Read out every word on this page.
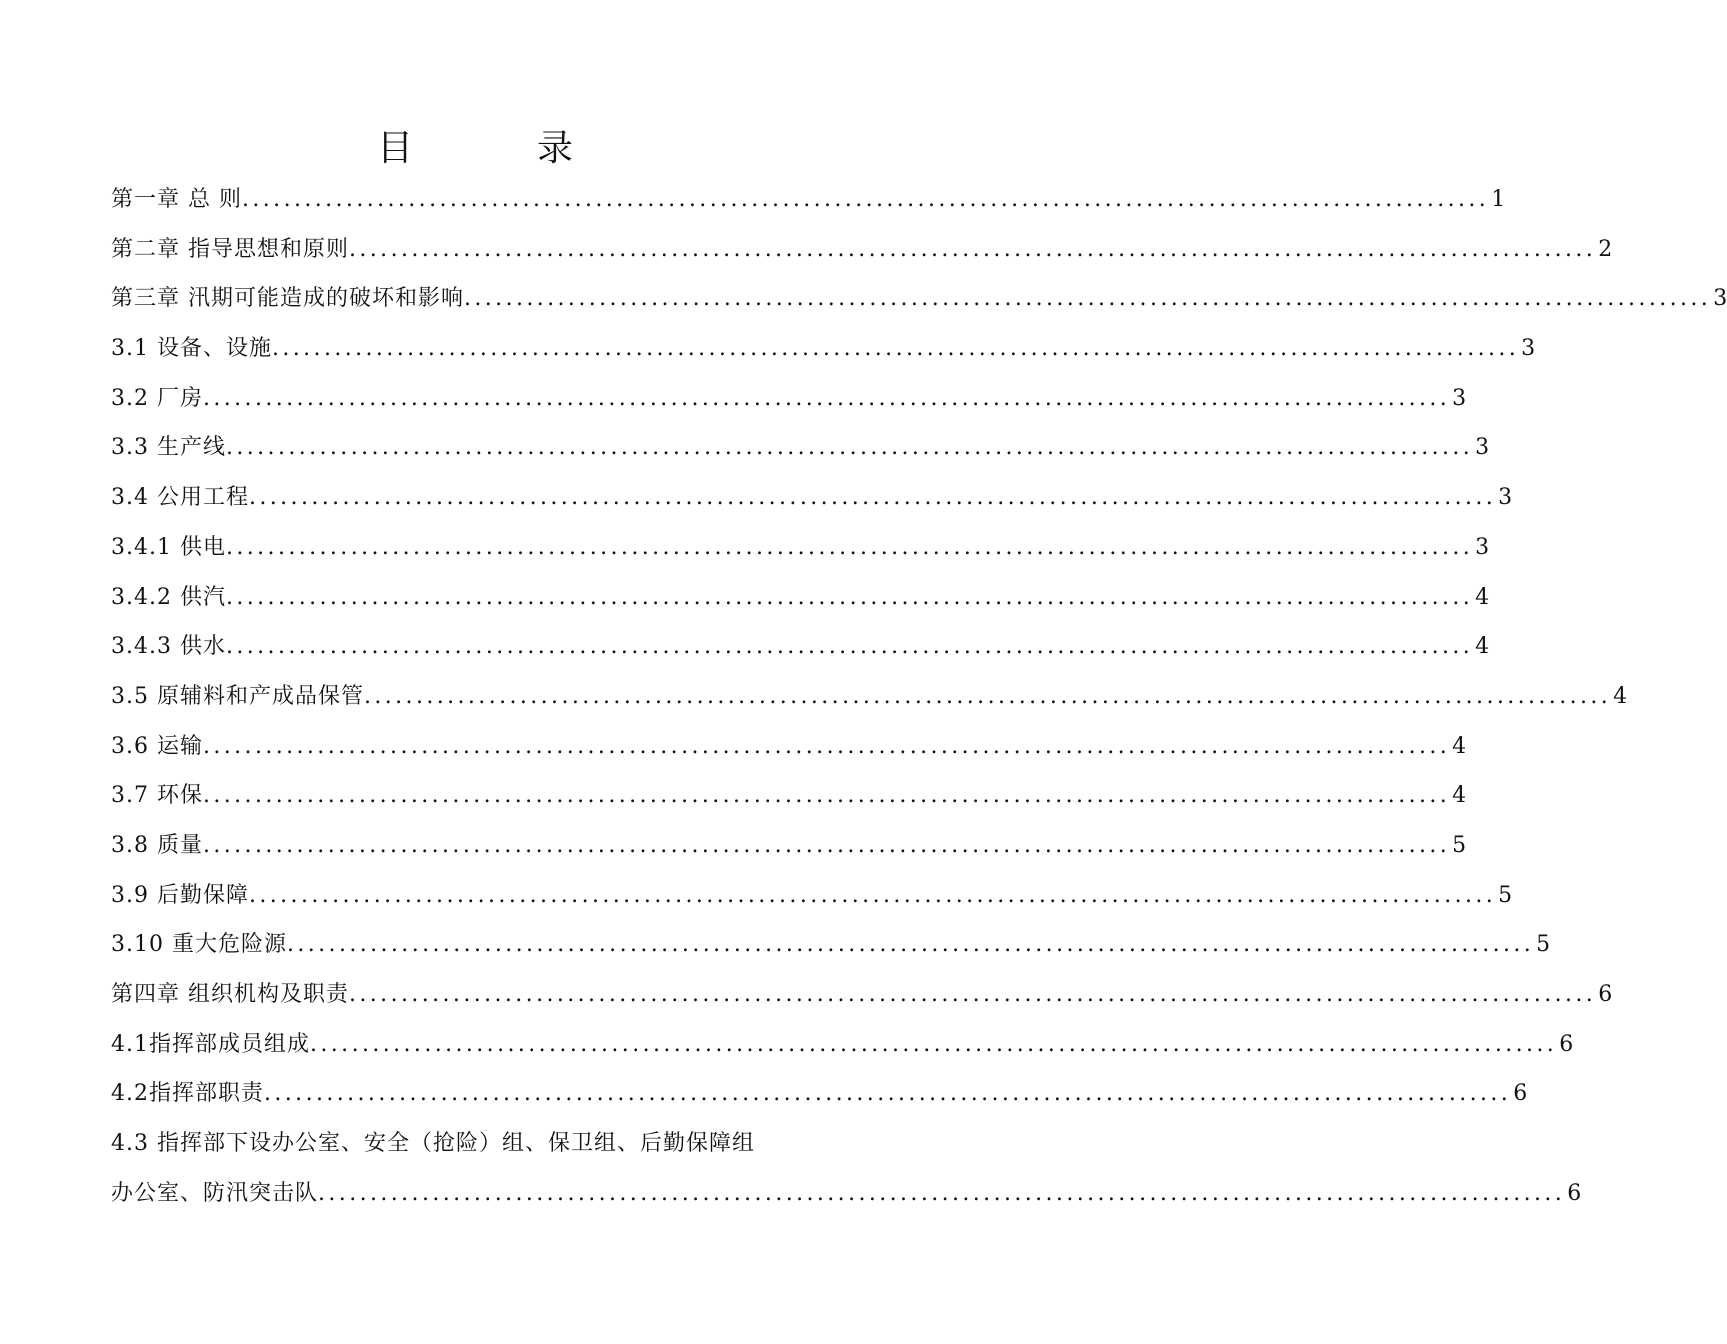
目　录
第一章 总 则 ........................................................................................................................ 1
第二章 指导思想和原则 ........................................................................................................................ 2
第三章 汛期可能造成的破坏和影响 ........................................................................................................................ 3
3.1 设备、设施 ........................................................................................................................ 3
3.2 厂房 ........................................................................................................................ 3
3.3 生产线 ........................................................................................................................ 3
3.4 公用工程 ........................................................................................................................ 3
3.4.1 供电 ........................................................................................................................ 3
3.4.2 供汽 ........................................................................................................................ 4
3.4.3 供水 ........................................................................................................................ 4
3.5 原辅料和产成品保管 ........................................................................................................................ 4
3.6 运输 ........................................................................................................................ 4
3.7 环保 ........................................................................................................................ 4
3.8 质量 ........................................................................................................................ 5
3.9 后勤保障 ........................................................................................................................ 5
3.10 重大危险源 ........................................................................................................................ 5
第四章 组织机构及职责 ........................................................................................................................ 6
4.1指挥部成员组成 ........................................................................................................................ 6
4.2指挥部职责 ........................................................................................................................ 6
4.3 指挥部下设办公室、安全（抢险）组、保卫组、后勤保障组
办公室、防汛突击队 ........................................................................................................................ 6
